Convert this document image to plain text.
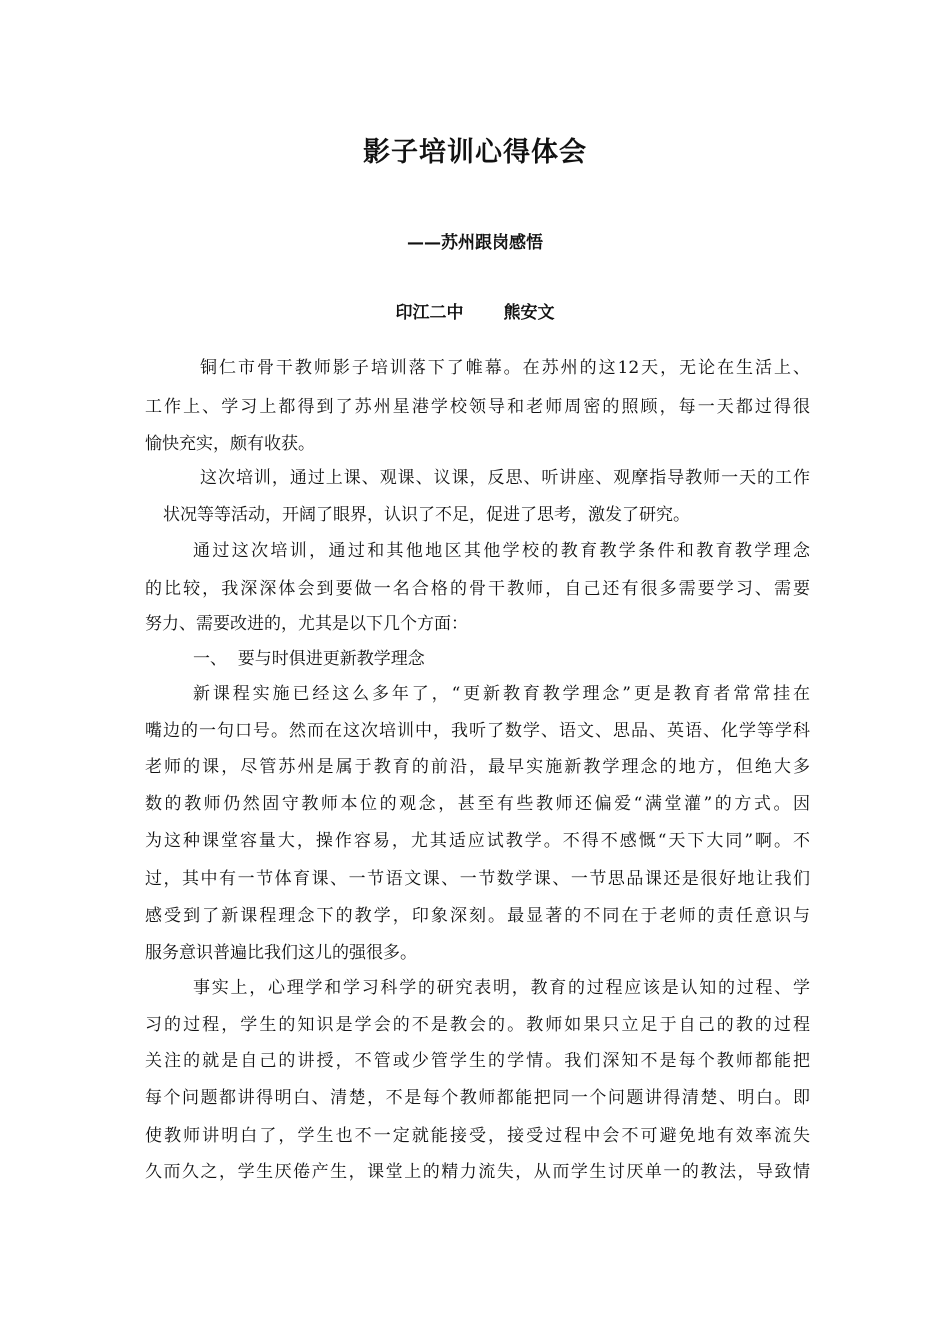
影子培训心得体会

——苏州跟岗感悟

印江二中 熊安文

铜仁市骨干教师影子培训落下了帷幕。在苏州的这12天，无论在生活上、

工作上、学习上都得到了苏州星港学校领导和老师周密的照顾，每一天都过得很

愉快充实，颇有收获。

这次培训，通过上课、观课、议课，反思、听讲座、观摩指导教师一天的工作

状况等等活动，开阔了眼界，认识了不足，促进了思考，激发了研究。

通过这次培训，通过和其他地区其他学校的教育教学条件和教育教学理念

的比较，我深深体会到要做一名合格的骨干教师，自己还有很多需要学习、需要

努力、需要改进的，尤其是以下几个方面：

一、  要与时俱进更新教学理念

新课程实施已经这么多年了，“更新教育教学理念”更是教育者常常挂在

嘴边的一句口号。然而在这次培训中，我听了数学、语文、思品、英语、化学等学科

老师的课，尽管苏州是属于教育的前沿，最早实施新教学理念的地方，但绝大多

数的教师仍然固守教师本位的观念，甚至有些教师还偏爱“满堂灌”的方式。因

为这种课堂容量大，操作容易，尤其适应试教学。不得不感慨“天下大同”啊。不

过，其中有一节体育课、一节语文课、一节数学课、一节思品课还是很好地让我们

感受到了新课程理念下的教学，印象深刻。最显著的不同在于老师的责任意识与

服务意识普遍比我们这儿的强很多。

事实上，心理学和学习科学的研究表明，教育的过程应该是认知的过程、学

习的过程，学生的知识是学会的不是教会的。教师如果只立足于自己的教的过程

关注的就是自己的讲授，不管或少管学生的学情。我们深知不是每个教师都能把

每个问题都讲得明白、清楚，不是每个教师都能把同一个问题讲得清楚、明白。即

使教师讲明白了，学生也不一定就能接受，接受过程中会不可避免地有效率流失

久而久之，学生厌倦产生，课堂上的精力流失，从而学生讨厌单一的教法，导致情
